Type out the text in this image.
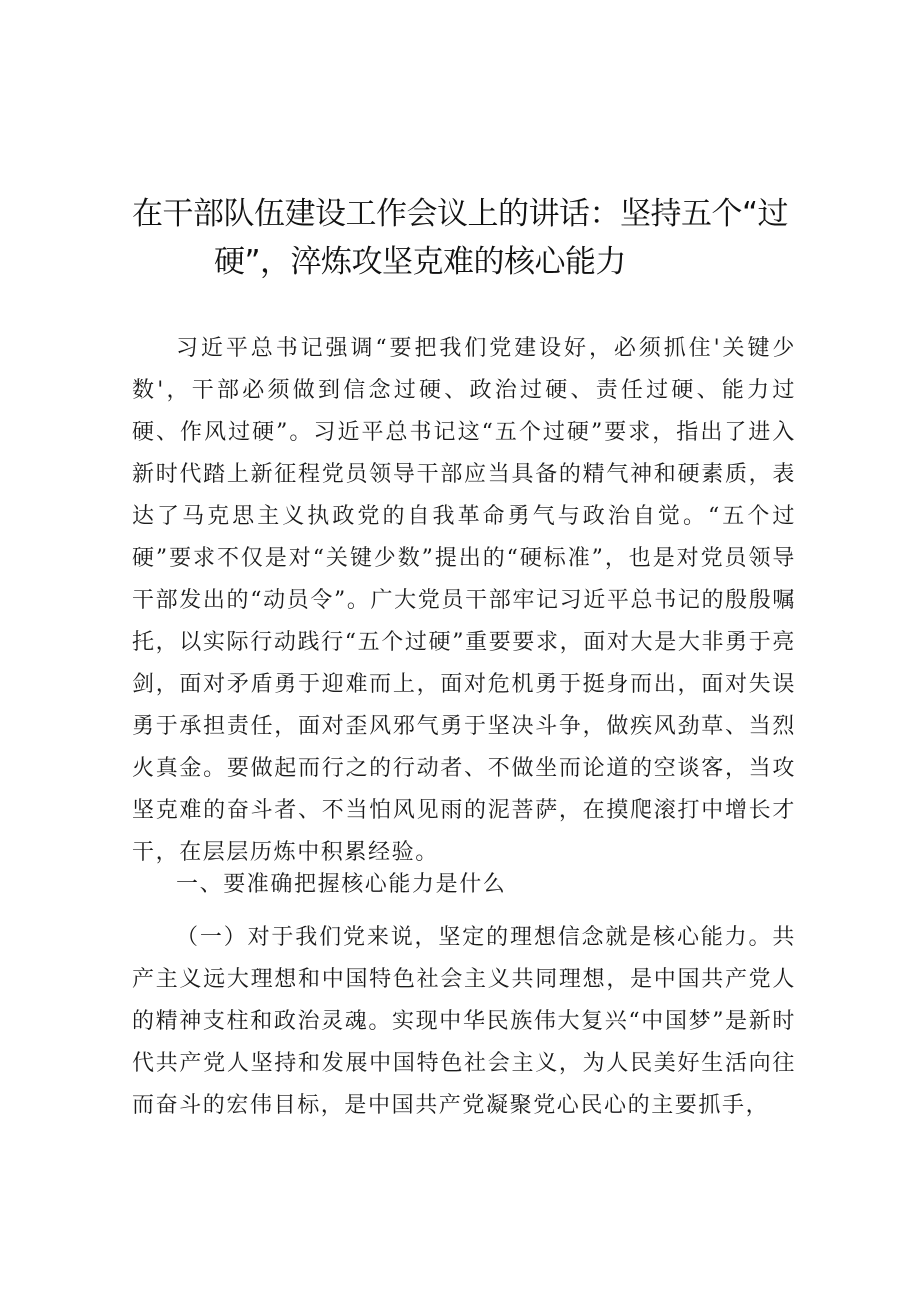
在干部队伍建设工作会议上的讲话：坚持五个“过
硬”，淬炼攻坚克难的核心能力

习近平总书记强调“要把我们党建设好，必须抓住'关键少数'，干部必须做到信念过硬、政治过硬、责任过硬、能力过硬、作风过硬”。习近平总书记这“五个过硬”要求，指出了进入新时代踏上新征程党员领导干部应当具备的精气神和硬素质，表达了马克思主义执政党的自我革命勇气与政治自觉。“五个过硬”要求不仅是对“关键少数”提出的“硬标准”，也是对党员领导干部发出的“动员令”。广大党员干部牢记习近平总书记的殷殷嘱托，以实际行动践行“五个过硬”重要要求，面对大是大非勇于亮剑，面对矛盾勇于迎难而上，面对危机勇于挺身而出，面对失误勇于承担责任，面对歪风邪气勇于坚决斗争，做疾风劲草、当烈火真金。要做起而行之的行动者、不做坐而论道的空谈客，当攻坚克难的奋斗者、不当怕风见雨的泥菩萨，在摸爬滚打中增长才干，在层层历炼中积累经验。

一、要准确把握核心能力是什么

（一）对于我们党来说，坚定的理想信念就是核心能力。共产主义远大理想和中国特色社会主义共同理想，是中国共产党人的精神支柱和政治灵魂。实现中华民族伟大复兴“中国梦”是新时代共产党人坚持和发展中国特色社会主义，为人民美好生活向往而奋斗的宏伟目标，是中国共产党凝聚党心民心的主要抓手，
